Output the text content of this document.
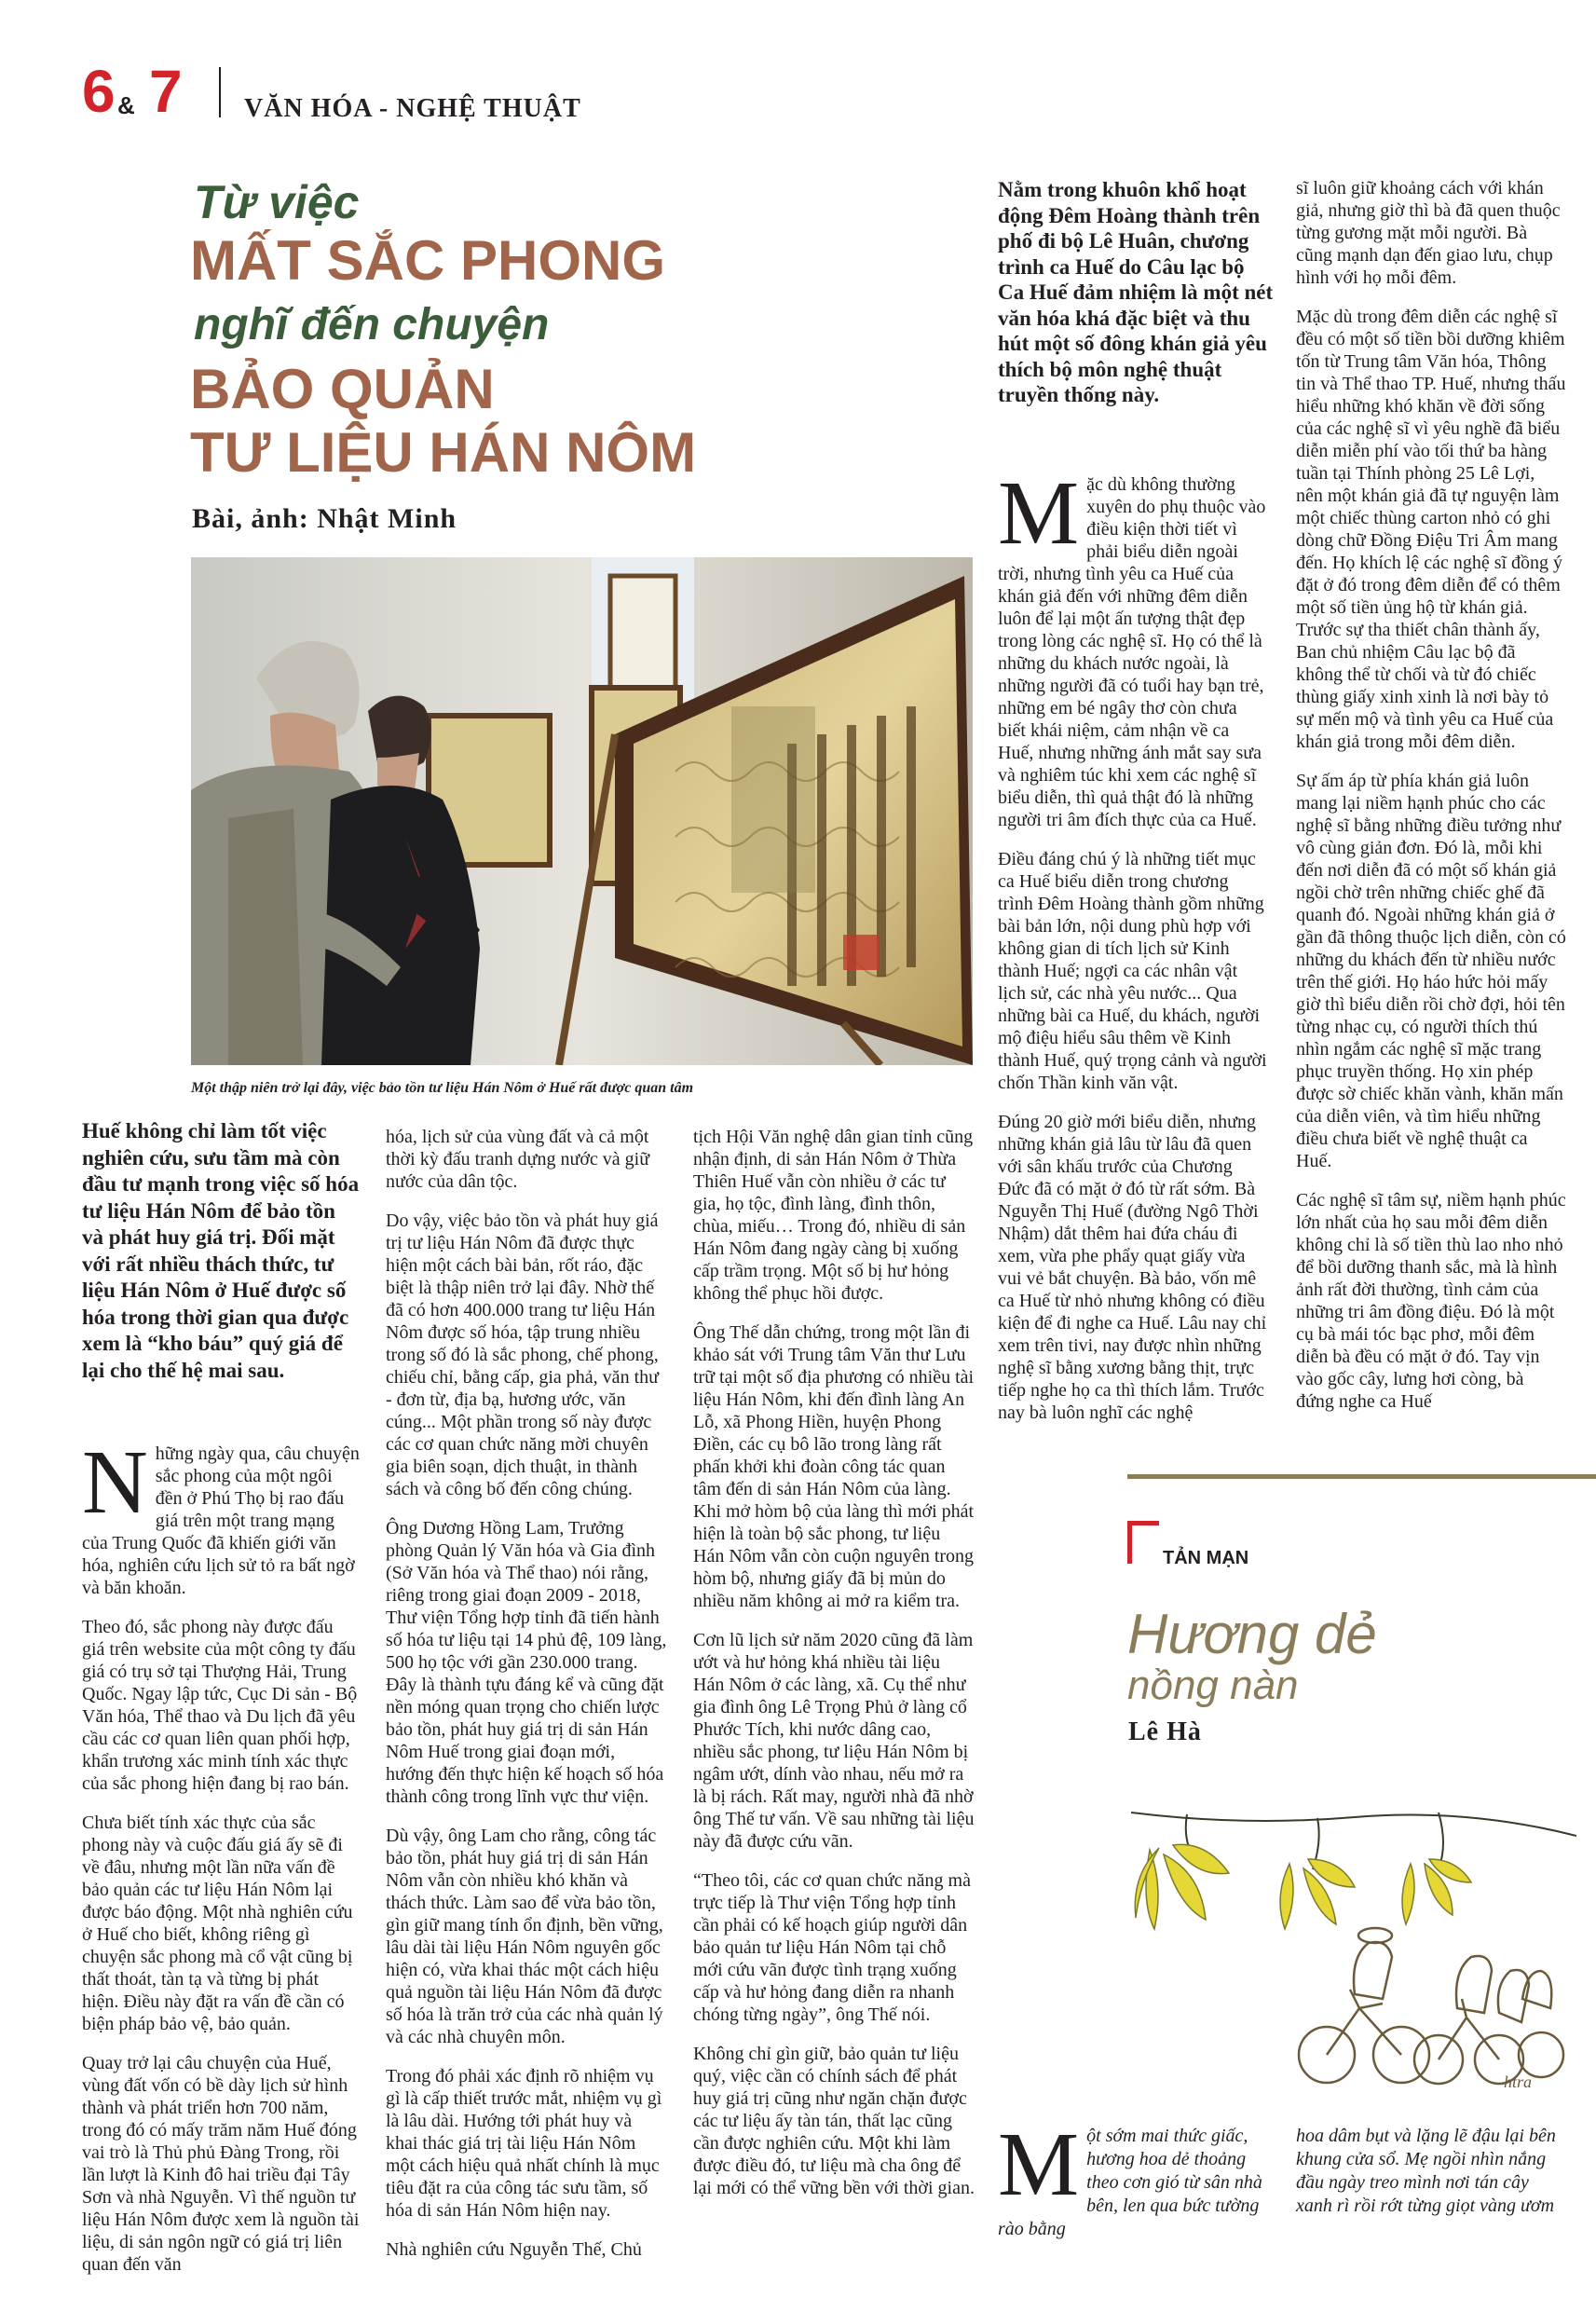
6 & 7 VĂN HÓA - NGHỆ THUẬT
Từ việc
MẤT SẮC PHONG
nghĩ đến chuyện
BẢO QUẢN
TƯ LIỆU HÁN NÔM
Bài, ảnh: Nhật Minh
Một thập niên trở lại đây, việc bảo tồn tư liệu Hán Nôm ở Huế rất được quan tâm
Huế không chỉ làm tốt việc nghiên cứu, sưu tầm mà còn đầu tư mạnh trong việc số hóa tư liệu Hán Nôm để bảo tồn và phát huy giá trị. Đối mặt với rất nhiều thách thức, tư liệu Hán Nôm ở Huế được số hóa trong thời gian qua được xem là “kho báu” quý giá để lại cho thế hệ mai sau.

Những ngày qua, câu chuyện sắc phong của một ngôi đền ở Phú Thọ bị rao đấu giá trên một trang mạng của Trung Quốc đã khiến giới văn hóa, nghiên cứu lịch sử tỏ ra bất ngờ và băn khoăn.

Theo đó, sắc phong này được đấu giá trên website của một công ty đấu giá có trụ sở tại Thượng Hải, Trung Quốc. Ngay lập tức, Cục Di sản - Bộ Văn hóa, Thể thao và Du lịch đã yêu cầu các cơ quan liên quan phối hợp, khẩn trương xác minh tính xác thực của sắc phong hiện đang bị rao bán.

Chưa biết tính xác thực của sắc phong này và cuộc đấu giá ấy sẽ đi về đâu, nhưng một lần nữa vấn đề bảo quản các tư liệu Hán Nôm lại được báo động. Một nhà nghiên cứu ở Huế cho biết, không riêng gì chuyện sắc phong mà cổ vật cũng bị thất thoát, tàn tạ và từng bị phát hiện. Điều này đặt ra vấn đề cần có biện pháp bảo vệ, bảo quản.

Quay trở lại câu chuyện của Huế, vùng đất vốn có bề dày lịch sử hình thành và phát triển hơn 700 năm, trong đó có mấy trăm năm Huế đóng vai trò là Thủ phủ Đàng Trong, rồi lần lượt là Kinh đô hai triều đại Tây Sơn và nhà Nguyễn. Vì thế nguồn tư liệu Hán Nôm được xem là nguồn tài liệu, di sản ngôn ngữ có giá trị liên quan đến văn

hóa, lịch sử của vùng đất và cả một thời kỳ đấu tranh dựng nước và giữ nước của dân tộc.

Do vậy, việc bảo tồn và phát huy giá trị tư liệu Hán Nôm đã được thực hiện một cách bài bản, rốt ráo, đặc biệt là thập niên trở lại đây. Nhờ thế đã có hơn 400.000 trang tư liệu Hán Nôm được số hóa, tập trung nhiều trong số đó là sắc phong, chế phong, chiếu chỉ, bằng cấp, gia phả, văn thư - đơn từ, địa bạ, hương ước, văn cúng... Một phần trong số này được các cơ quan chức năng mời chuyên gia biên soạn, dịch thuật, in thành sách và công bố đến công chúng.

Ông Dương Hồng Lam, Trưởng phòng Quản lý Văn hóa và Gia đình (Sở Văn hóa và Thể thao) nói rằng, riêng trong giai đoạn 2009 - 2018, Thư viện Tổng hợp tỉnh đã tiến hành số hóa tư liệu tại 14 phủ đệ, 109 làng, 500 họ tộc với gần 230.000 trang. Đây là thành tựu đáng kể và cũng đặt nền móng quan trọng cho chiến lược bảo tồn, phát huy giá trị di sản Hán Nôm Huế trong giai đoạn mới, hướng đến thực hiện kế hoạch số hóa thành công trong lĩnh vực thư viện.

Dù vậy, ông Lam cho rằng, công tác bảo tồn, phát huy giá trị di sản Hán Nôm vẫn còn nhiều khó khăn và thách thức. Làm sao để vừa bảo tồn, gìn giữ mang tính ổn định, bền vững, lâu dài tài liệu Hán Nôm nguyên gốc hiện có, vừa khai thác một cách hiệu quả nguồn tài liệu Hán Nôm đã được số hóa là trăn trở của các nhà quản lý và các nhà chuyên môn.

Trong đó phải xác định rõ nhiệm vụ gì là cấp thiết trước mắt, nhiệm vụ gì là lâu dài. Hướng tới phát huy và khai thác giá trị tài liệu Hán Nôm một cách hiệu quả nhất chính là mục tiêu đặt ra của công tác sưu tầm, số hóa di sản Hán Nôm hiện nay.

Nhà nghiên cứu Nguyễn Thế, Chủ

tịch Hội Văn nghệ dân gian tỉnh cũng nhận định, di sản Hán Nôm ở Thừa Thiên Huế vẫn còn nhiều ở các tư gia, họ tộc, đình làng, đình thôn, chùa, miếu… Trong đó, nhiều di sản Hán Nôm đang ngày càng bị xuống cấp trầm trọng. Một số bị hư hỏng không thể phục hồi được.

Ông Thế dẫn chứng, trong một lần đi khảo sát với Trung tâm Văn thư Lưu trữ tại một số địa phương có nhiều tài liệu Hán Nôm, khi đến đình làng An Lỗ, xã Phong Hiền, huyện Phong Điền, các cụ bô lão trong làng rất phấn khởi khi đoàn công tác quan tâm đến di sản Hán Nôm của làng. Khi mở hòm bộ của làng thì mới phát hiện là toàn bộ sắc phong, tư liệu Hán Nôm vẫn còn cuộn nguyên trong hòm bộ, nhưng giấy đã bị mủn do nhiều năm không ai mở ra kiểm tra.

Cơn lũ lịch sử năm 2020 cũng đã làm ướt và hư hỏng khá nhiều tài liệu Hán Nôm ở các làng, xã. Cụ thể như gia đình ông Lê Trọng Phủ ở làng cổ Phước Tích, khi nước dâng cao, nhiều sắc phong, tư liệu Hán Nôm bị ngâm ướt, dính vào nhau, nếu mở ra là bị rách. Rất may, người nhà đã nhờ ông Thế tư vấn. Về sau những tài liệu này đã được cứu vãn.

“Theo tôi, các cơ quan chức năng mà trực tiếp là Thư viện Tổng hợp tỉnh cần phải có kế hoạch giúp người dân bảo quản tư liệu Hán Nôm tại chỗ mới cứu vãn được tình trạng xuống cấp và hư hỏng đang diễn ra nhanh chóng từng ngày”, ông Thế nói.

Không chỉ gìn giữ, bảo quản tư liệu quý, việc cần có chính sách để phát huy giá trị cũng như ngăn chặn được các tư liệu ấy tàn tán, thất lạc cũng cần được nghiên cứu. Một khi làm được điều đó, tư liệu mà cha ông để lại mới có thể vững bền với thời gian.

Nằm trong khuôn khổ hoạt động Đêm Hoàng thành trên phố đi bộ Lê Huân, chương trình ca Huế do Câu lạc bộ Ca Huế đảm nhiệm là một nét văn hóa khá đặc biệt và thu hút một số đông khán giả yêu thích bộ môn nghệ thuật truyền thống này.

Mặc dù không thường xuyên do phụ thuộc vào điều kiện thời tiết vì phải biểu diễn ngoài trời, nhưng tình yêu ca Huế của khán giả đến với những đêm diễn luôn để lại một ấn tượng thật đẹp trong lòng các nghệ sĩ. Họ có thể là những du khách nước ngoài, là những người đã có tuổi hay bạn trẻ, những em bé ngây thơ còn chưa biết khái niệm, cảm nhận về ca Huế, nhưng những ánh mắt say sưa và nghiêm túc khi xem các nghệ sĩ biểu diễn, thì quả thật đó là những người tri âm đích thực của ca Huế.

Điều đáng chú ý là những tiết mục ca Huế biểu diễn trong chương trình Đêm Hoàng thành gồm những bài bản lớn, nội dung phù hợp với không gian di tích lịch sử Kinh thành Huế; ngợi ca các nhân vật lịch sử, các nhà yêu nước... Qua những bài ca Huế, du khách, người mộ điệu hiểu sâu thêm về Kinh thành Huế, quý trọng cảnh và người chốn Thần kinh văn vật.

Đúng 20 giờ mới biểu diễn, nhưng những khán giả lâu từ lâu đã quen với sân khấu trước của Chương Đức đã có mặt ở đó từ rất sớm. Bà Nguyễn Thị Huế (đường Ngô Thời Nhậm) dắt thêm hai đứa cháu đi xem, vừa phe phẩy quạt giấy vừa vui vẻ bắt chuyện. Bà bảo, vốn mê ca Huế từ nhỏ nhưng không có điều kiện để đi nghe ca Huế. Lâu nay chỉ xem trên tivi, nay được nhìn những nghệ sĩ bằng xương bằng thịt, trực tiếp nghe họ ca thì thích lắm. Trước nay bà luôn nghĩ các nghệ

sĩ luôn giữ khoảng cách với khán giả, nhưng giờ thì bà đã quen thuộc từng gương mặt mỗi người. Bà cũng mạnh dạn đến giao lưu, chụp hình với họ mỗi đêm.

Mặc dù trong đêm diễn các nghệ sĩ đều có một số tiền bồi dưỡng khiêm tốn từ Trung tâm Văn hóa, Thông tin và Thể thao TP. Huế, nhưng thấu hiểu những khó khăn về đời sống của các nghệ sĩ vì yêu nghề đã biểu diễn miễn phí vào tối thứ ba hàng tuần tại Thính phòng 25 Lê Lợi, nên một khán giả đã tự nguyện làm một chiếc thùng carton nhỏ có ghi dòng chữ Đồng Điệu Tri Âm mang đến. Họ khích lệ các nghệ sĩ đồng ý đặt ở đó trong đêm diễn để có thêm một số tiền ủng hộ từ khán giả. Trước sự tha thiết chân thành ấy, Ban chủ nhiệm Câu lạc bộ đã không thể từ chối và từ đó chiếc thùng giấy xinh xinh là nơi bày tỏ sự mến mộ và tình yêu ca Huế của khán giả trong mỗi đêm diễn.

Sự ấm áp từ phía khán giả luôn mang lại niềm hạnh phúc cho các nghệ sĩ bằng những điều tưởng như vô cùng giản đơn. Đó là, mỗi khi đến nơi diễn đã có một số khán giả ngồi chờ trên những chiếc ghế đã quanh đó. Ngoài những khán giả ở gần đã thông thuộc lịch diễn, còn có những du khách đến từ nhiều nước trên thế giới. Họ háo hức hỏi mấy giờ thì biểu diễn rồi chờ đợi, hỏi tên từng nhạc cụ, có người thích thú nhìn ngắm các nghệ sĩ mặc trang phục truyền thống. Họ xin phép được sờ chiếc khăn vành, khăn mấn của diễn viên, và tìm hiểu những điều chưa biết về nghệ thuật ca Huế.

Các nghệ sĩ tâm sự, niềm hạnh phúc lớn nhất của họ sau mỗi đêm diễn không chỉ là số tiền thù lao nho nhỏ để bồi dưỡng thanh sắc, mà là hình ảnh rất đời thường, tình cảm của những tri âm đồng điệu. Đó là một cụ bà mái tóc bạc phơ, mỗi đêm diễn bà đều có mặt ở đó. Tay vịn vào gốc cây, lưng hơi còng, bà đứng nghe ca Huế

TẢN MẠN
Hương dẻ
nồng nàn
Lê Hà
htra
Một sớm mai thức giấc, hương hoa dẻ thoảng theo cơn gió từ sân nhà bên, len qua bức tường rào bằng
hoa dâm bụt và lặng lẽ đậu lại bên khung cửa sổ. Mẹ ngồi nhìn nắng đầu ngày treo mình nơi tán cây xanh rì rồi rớt từng giọt vàng ươm
